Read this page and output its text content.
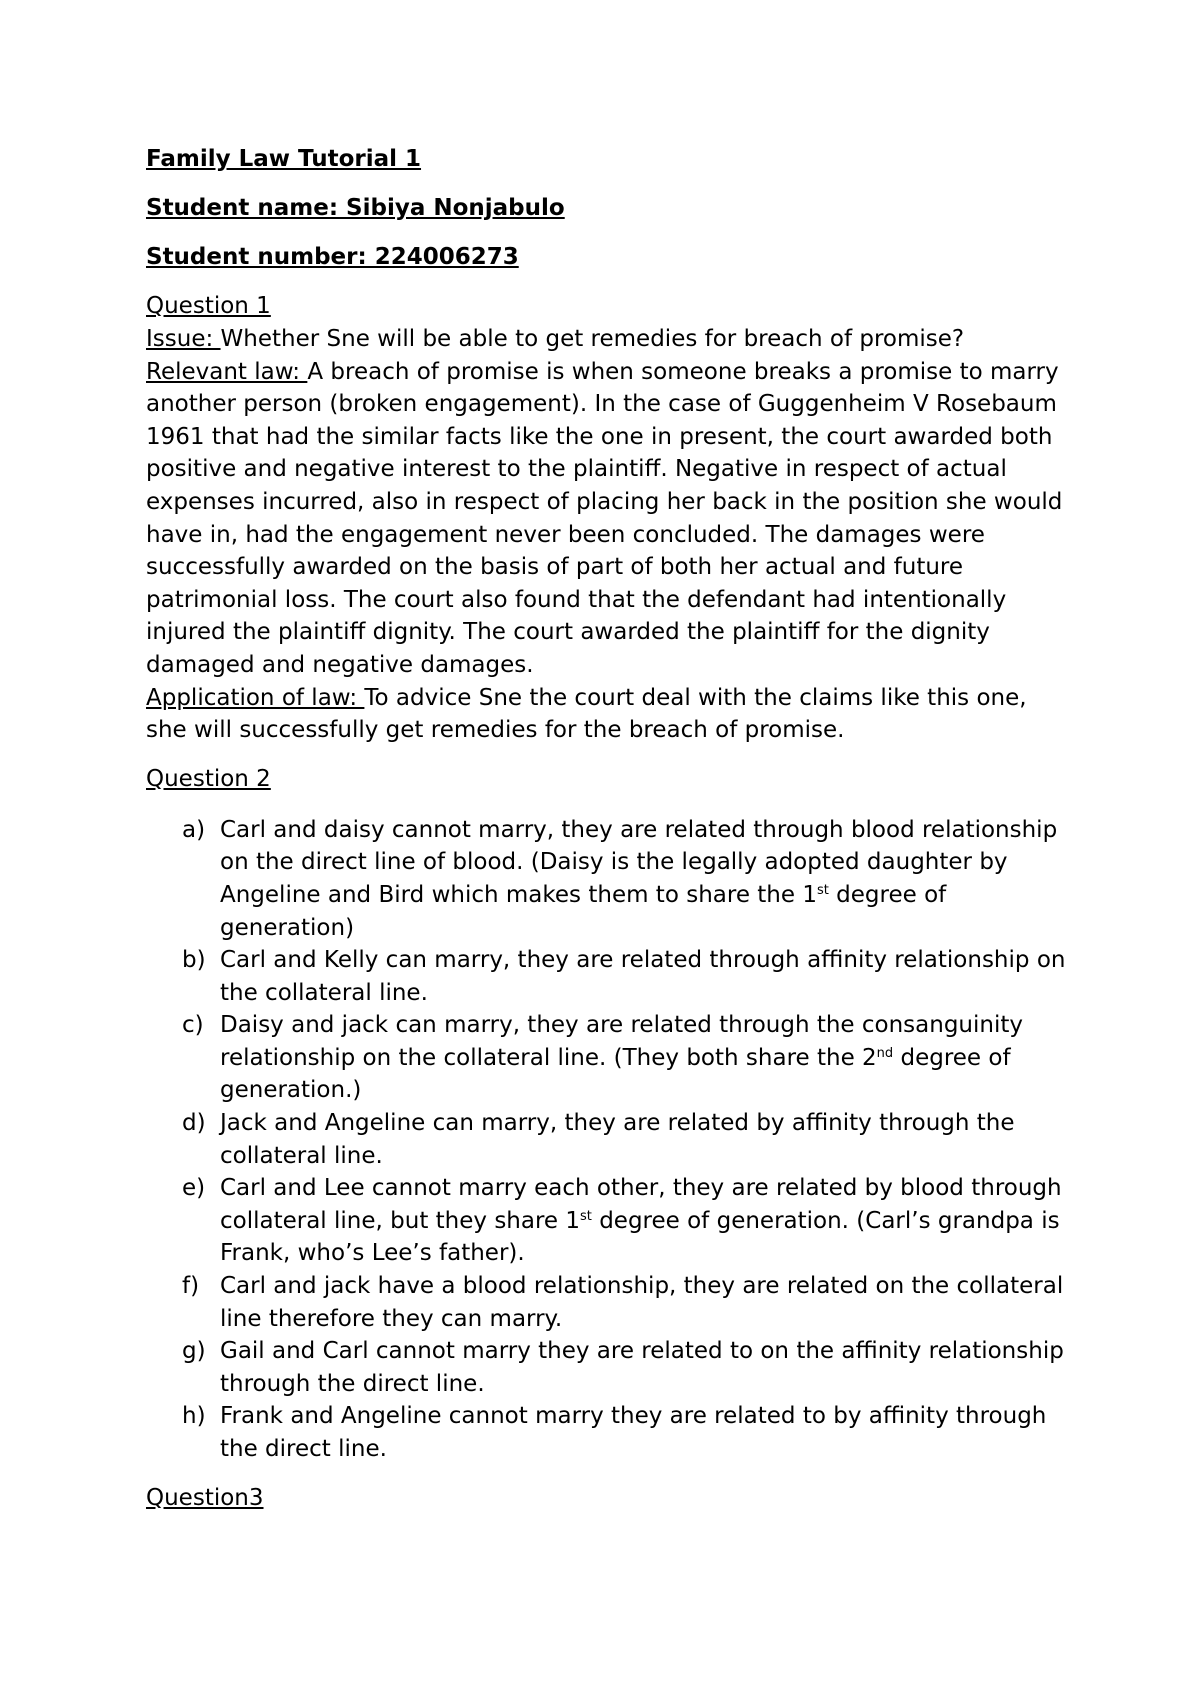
Family Law Tutorial 1
Student name: Sibiya Nonjabulo
Student number: 224006273
Question 1

Issue: Whether Sne will be able to get remedies for breach of promise?

Relevant law: A breach of promise is when someone breaks a promise to marry another person (broken engagement). In the case of Guggenheim V Rosebaum 1961 that had the similar facts like the one in present, the court awarded both positive and negative interest to the plaintiff. Negative in respect of actual expenses incurred, also in respect of placing her back in the position she would have in, had the engagement never been concluded. The damages were successfully awarded on the basis of part of both her actual and future patrimonial loss. The court also found that the defendant had intentionally injured the plaintiff dignity. The court awarded the plaintiff for the dignity damaged and negative damages.

Application of law: To advice Sne the court deal with the claims like this one, she will successfully get remedies for the breach of promise.

Question 2
a) Carl and daisy cannot marry, they are related through blood relationship on the direct line of blood. (Daisy is the legally adopted daughter by Angeline and Bird which makes them to share the 1st degree of generation)
b) Carl and Kelly can marry, they are related through affinity relationship on the collateral line.
c) Daisy and jack can marry, they are related through the consanguinity relationship on the collateral line. (They both share the 2nd degree of generation.)
d) Jack and Angeline can marry, they are related by affinity through the collateral line.
e) Carl and Lee cannot marry each other, they are related by blood through collateral line, but they share 1st degree of generation. (Carl’s grandpa is Frank, who’s Lee’s father).
f) Carl and jack have a blood relationship, they are related on the collateral line therefore they can marry.
g) Gail and Carl cannot marry they are related to on the affinity relationship through the direct line.
h) Frank and Angeline cannot marry they are related to by affinity through the direct line.
Question3
